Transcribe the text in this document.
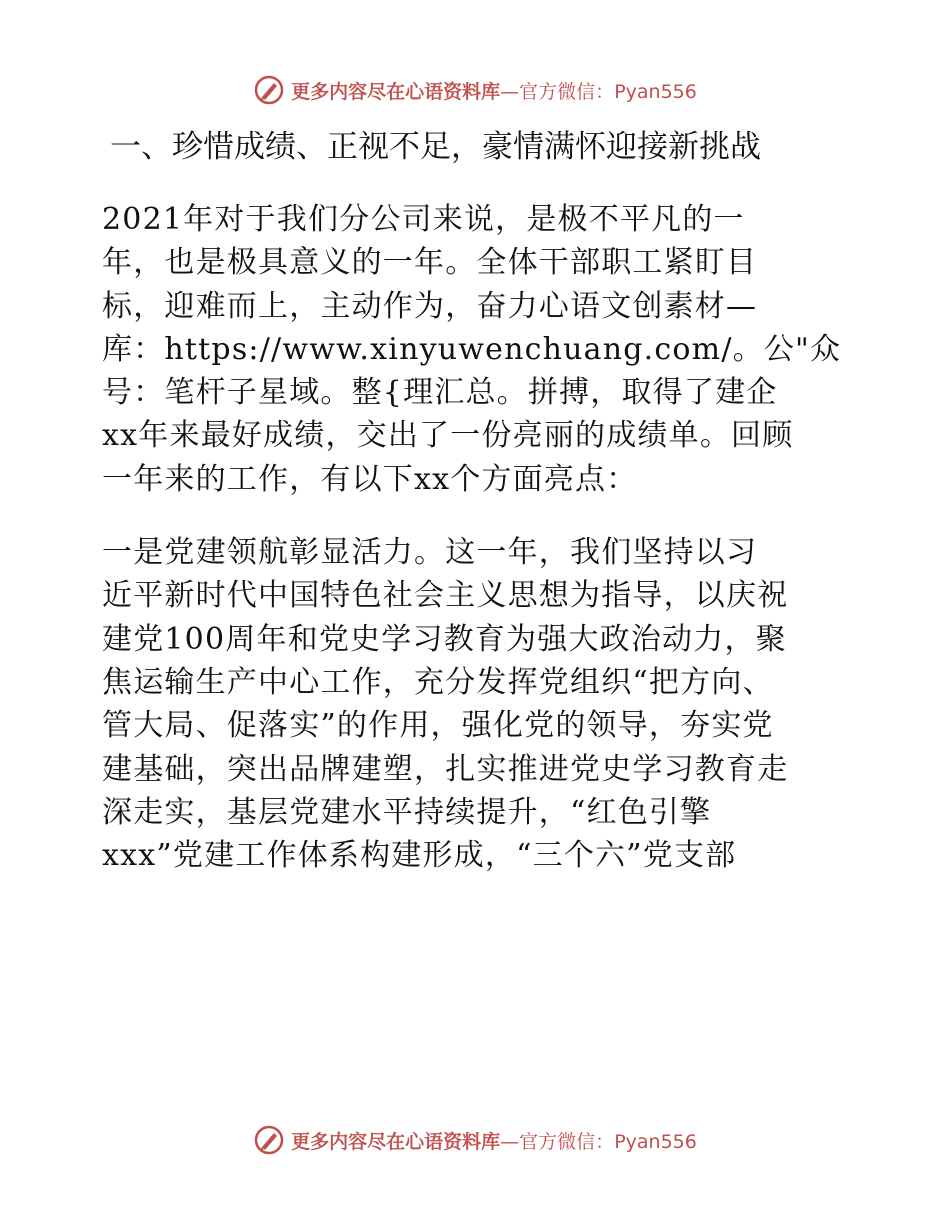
更多内容尽在心语资料库—官方微信：Pyan556
一、珍惜成绩、正视不足，豪情满怀迎接新挑战

2021年对于我们分公司来说，是极不平凡的一
年，也是极具意义的一年。全体干部职工紧盯目
标，迎难而上，主动作为，奋力心语文创素材—
库：https://www.xinyuwenchuang.com/。公"众
号：笔杆子星域。整{理汇总。拼搏，取得了建企
xx年来最好成绩，交出了一份亮丽的成绩单。回顾
一年来的工作，有以下xx个方面亮点：

一是党建领航彰显活力。这一年，我们坚持以习
近平新时代中国特色社会主义思想为指导，以庆祝
建党100周年和党史学习教育为强大政治动力，聚
焦运输生产中心工作，充分发挥党组织“把方向、
管大局、促落实”的作用，强化党的领导，夯实党
建基础，突出品牌建塑，扎实推进党史学习教育走
深走实，基层党建水平持续提升，“红色引擎
xxx”党建工作体系构建形成，“三个六”党支部

更多内容尽在心语资料库—官方微信：Pyan556
